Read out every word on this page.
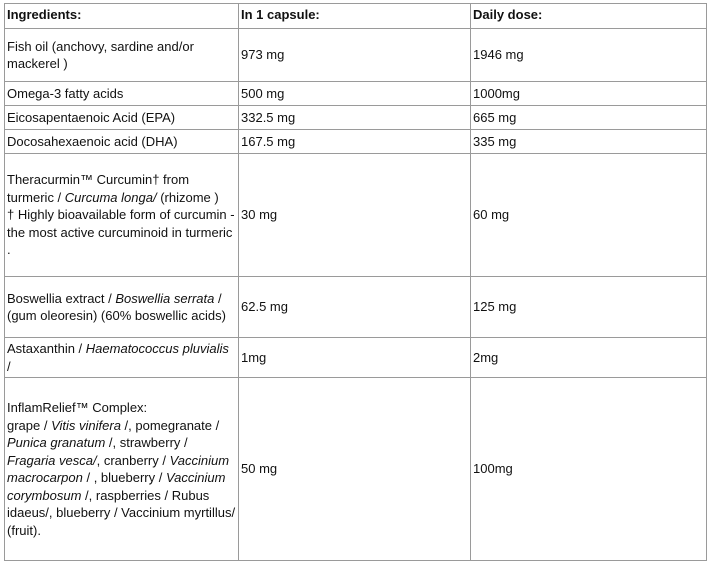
Ingredients:	In 1 capsule:	Daily dose:
Fish oil (anchovy, sardine and/or mackerel )	973 mg	1946 mg
Omega-3 fatty acids	500 mg	1000mg
Eicosapentaenoic Acid (EPA)	332.5 mg	665 mg
Docosahexaenoic acid (DHA)	167.5 mg	335 mg
Theracurmin™ Curcumin† from turmeric / Curcuma longa/ (rhizome )
† Highly bioavailable form of curcumin - the most active curcuminoid in turmeric .	30 mg	60 mg
Boswellia extract / Boswellia serrata / (gum oleoresin) (60% boswellic acids)	62.5 mg	125 mg
Astaxanthin / Haematococcus pluvialis /	1mg	2mg
InflamRelief™ Complex:
grape / Vitis vinifera /, pomegranate / Punica granatum /, strawberry / Fragaria vesca/, cranberry / Vaccinium macrocarpon / , blueberry / Vaccinium corymbosum /, raspberries / Rubus idaeus/, blueberry / Vaccinium myrtillus/ (fruit).	50 mg	100mg
